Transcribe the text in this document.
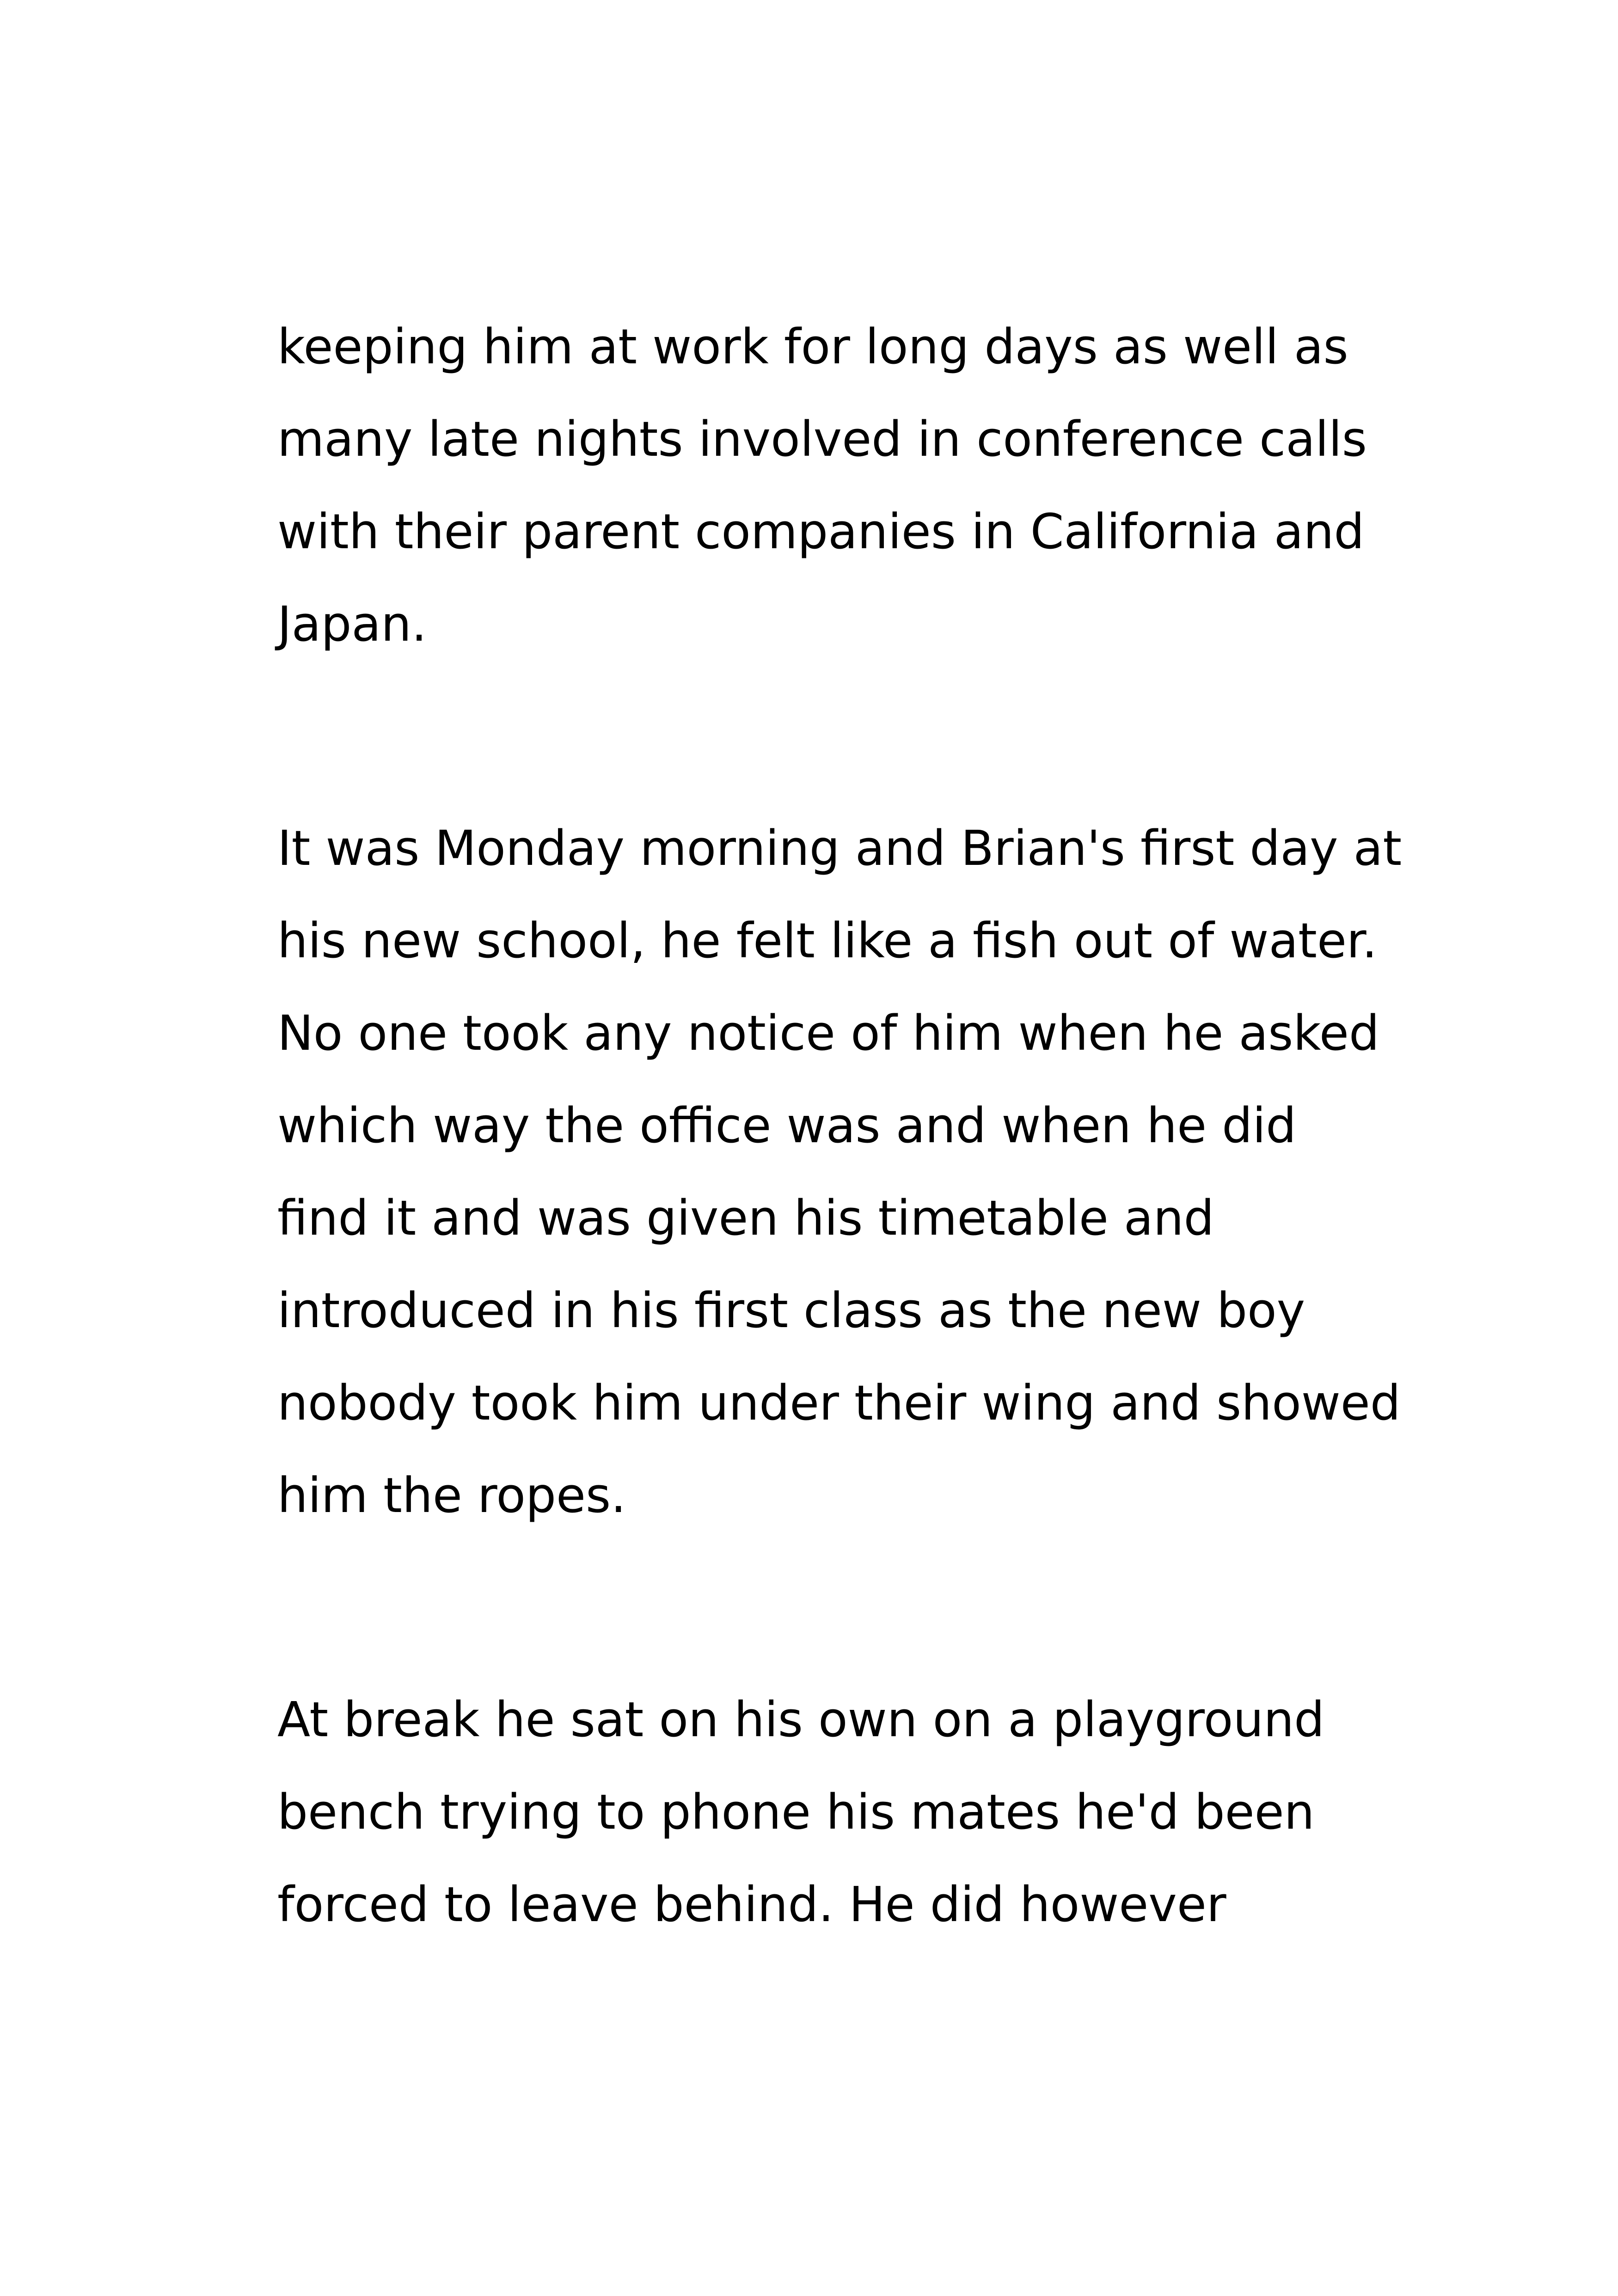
keeping him at work for long days as well as

many late nights involved in conference calls

with their parent companies in California and

Japan.

It was Monday morning and Brian's first day at

his new school, he felt like a fish out of water.

No one took any notice of him when he asked

which way the office was and when he did

find it and was given his timetable and

introduced in his first class as the new boy

nobody took him under their wing and showed

him the ropes.

At break he sat on his own on a playground

bench trying to phone his mates he'd been

forced to leave behind. He did however
